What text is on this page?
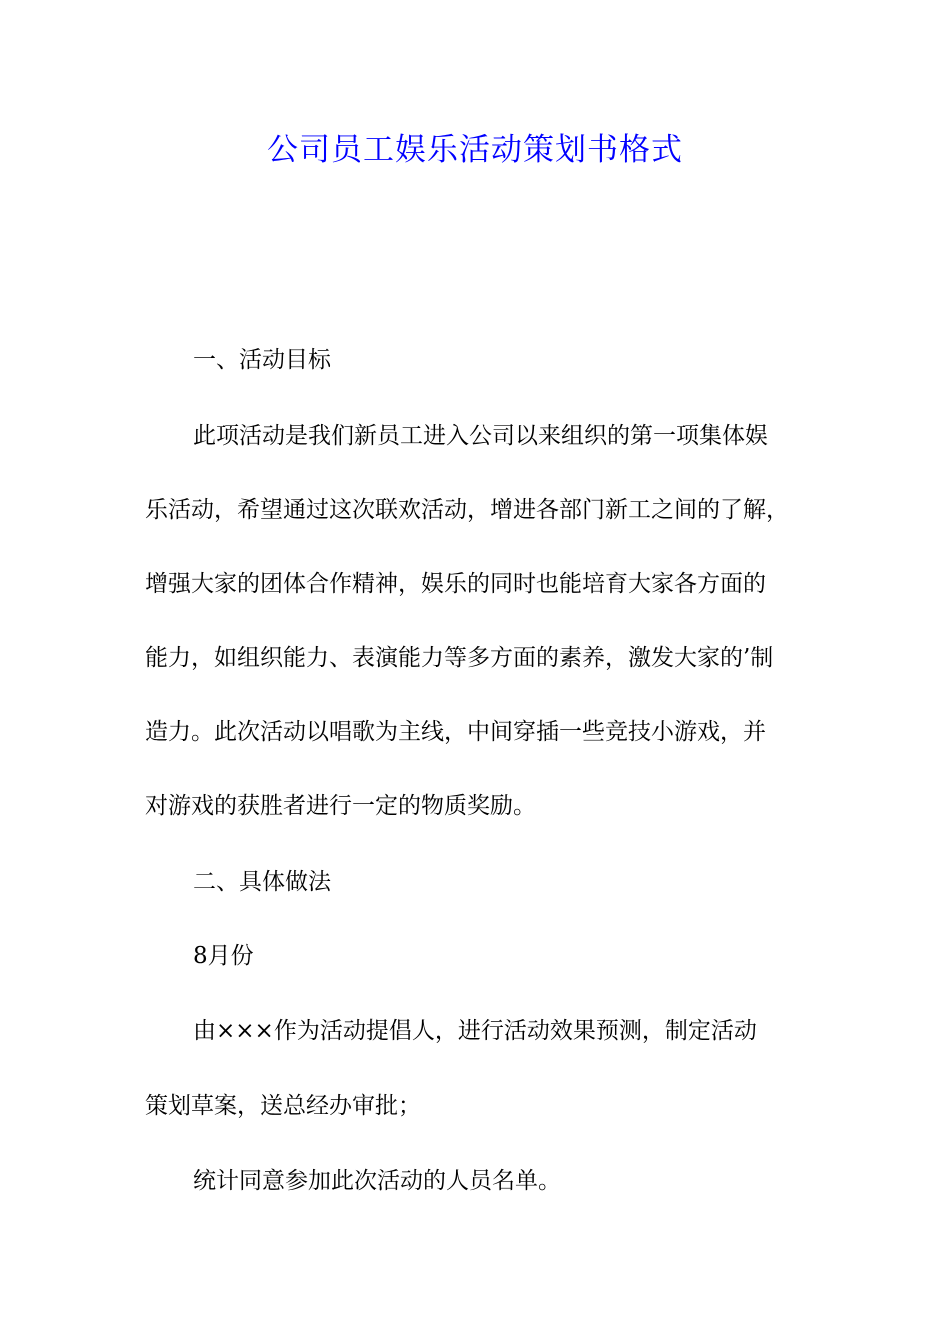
公司员工娱乐活动策划书格式
一、活动目标
此项活动是我们新员工进入公司以来组织的第一项集体娱
乐活动，希望通过这次联欢活动，增进各部门新工之间的了解，
增强大家的团体合作精神，娱乐的同时也能培育大家各方面的
能力，如组织能力、表演能力等多方面的素养，激发大家的’制
造力。此次活动以唱歌为主线，中间穿插一些竞技小游戏，并
对游戏的获胜者进行一定的物质奖励。
二、具体做法
8月份
由×××作为活动提倡人，进行活动效果预测，制定活动
策划草案，送总经办审批；
统计同意参加此次活动的人员名单。
